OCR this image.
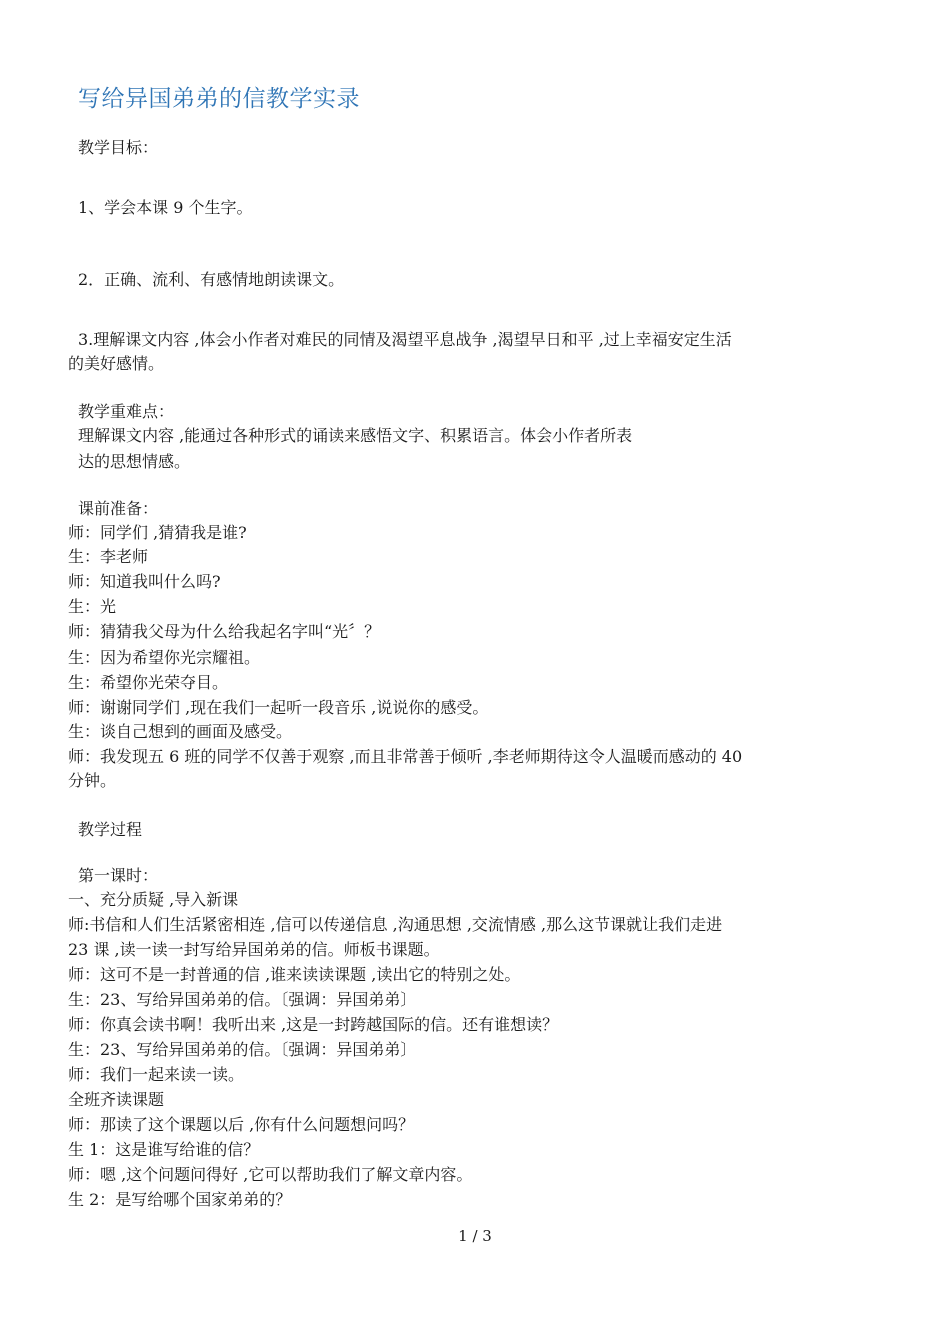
写给异国弟弟的信教学实录
教学目标：
1、学会本课 9 个生字。
2．正确、流利、有感情地朗读课文。
3.理解课文内容 ,体会小作者对难民的同情及渴望平息战争 ,渴望早日和平 ,过上幸福安定生活
的美好感情。
教学重难点：
理解课文内容 ,能通过各种形式的诵读来感悟文字、积累语言。体会小作者所表
达的思想情感。
课前准备：
师：同学们 ,猜猜我是谁?
生：李老师
师：知道我叫什么吗?
生：光
师：猜猜我父母为什么给我起名字叫“光〞？
生：因为希望你光宗耀祖。
生：希望你光荣夺目。
师：谢谢同学们 ,现在我们一起听一段音乐 ,说说你的感受。
生：谈自己想到的画面及感受。
师：我发现五 6 班的同学不仅善于观察 ,而且非常善于倾听 ,李老师期待这令人温暖而感动的 40
分钟。
教学过程
第一课时：
一、充分质疑 ,导入新课
师:书信和人们生活紧密相连 ,信可以传递信息 ,沟通思想 ,交流情感 ,那么这节课就让我们走进
23 课 ,读一读一封写给异国弟弟的信。师板书课题。
师：这可不是一封普通的信 ,谁来读读课题 ,读出它的特别之处。
生：23、写给异国弟弟的信。〔强调：异国弟弟〕
师：你真会读书啊！我听出来 ,这是一封跨越国际的信。还有谁想读？
生：23、写给异国弟弟的信。〔强调：异国弟弟〕
师：我们一起来读一读。
全班齐读课题
师：那读了这个课题以后 ,你有什么问题想问吗？
生 1：这是谁写给谁的信？
师：嗯 ,这个问题问得好 ,它可以帮助我们了解文章内容。
生 2：是写给哪个国家弟弟的？
1 / 3
